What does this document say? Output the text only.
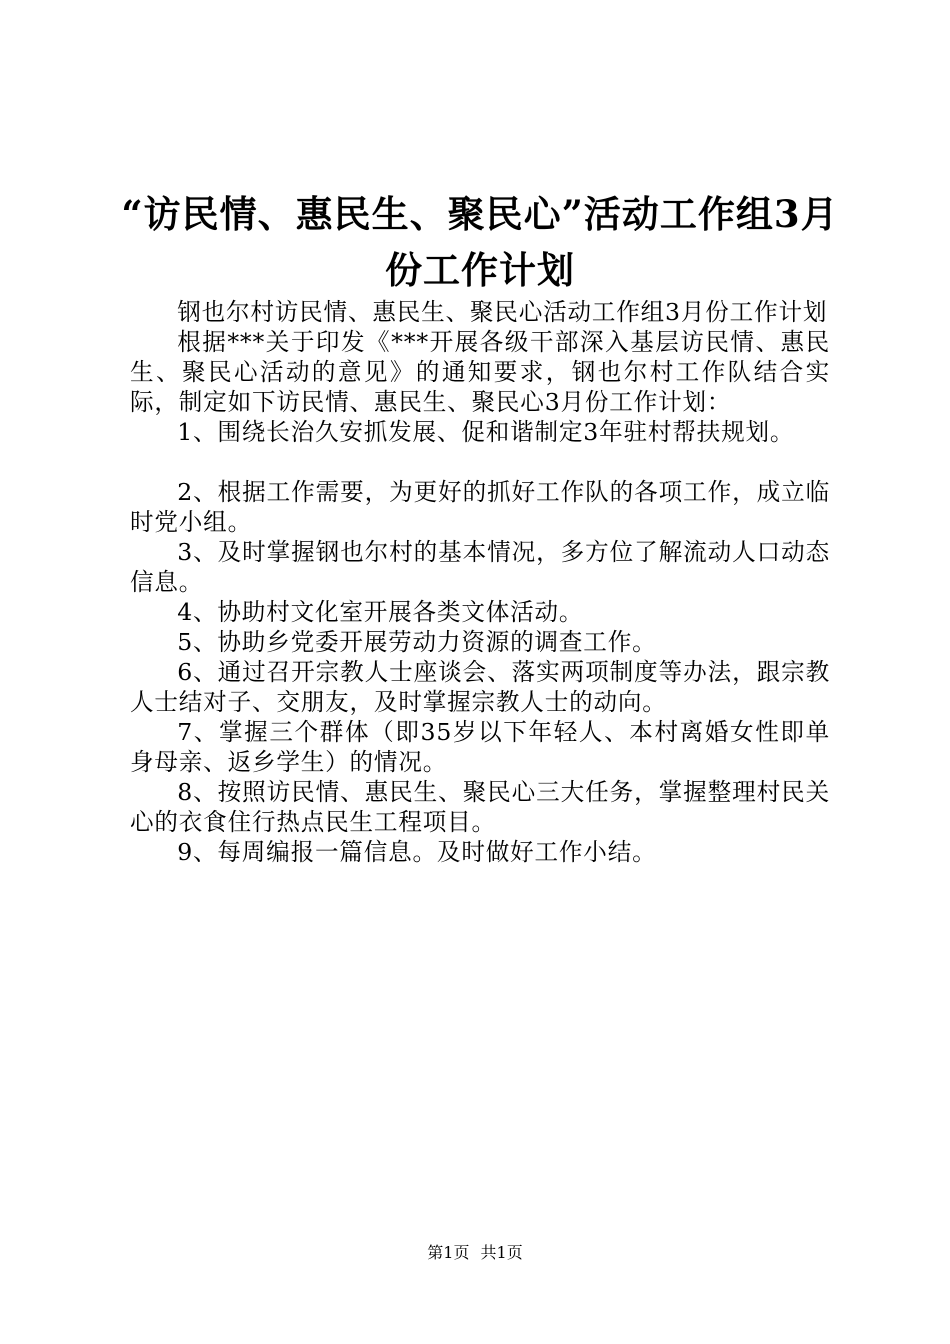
“访民情、惠民生、聚民心”活动工作组3月
份工作计划

钢也尔村访民情、惠民生、聚民心活动工作组3月份工作计划

根据***关于印发《***开展各级干部深入基层访民情、惠民生、聚民心活动的意见》的通知要求，钢也尔村工作队结合实际，制定如下访民情、惠民生、聚民心3月份工作计划：

1、围绕长治久安抓发展、促和谐制定3年驻村帮扶规划。

2、根据工作需要，为更好的抓好工作队的各项工作，成立临时党小组。

3、及时掌握钢也尔村的基本情况，多方位了解流动人口动态信息。

4、协助村文化室开展各类文体活动。

5、协助乡党委开展劳动力资源的调查工作。

6、通过召开宗教人士座谈会、落实两项制度等办法，跟宗教人士结对子、交朋友，及时掌握宗教人士的动向。

7、掌握三个群体（即35岁以下年轻人、本村离婚女性即单身母亲、返乡学生）的情况。

8、按照访民情、惠民生、聚民心三大任务，掌握整理村民关心的衣食住行热点民生工程项目。

9、每周编报一篇信息。及时做好工作小结。

第1页 共1页
